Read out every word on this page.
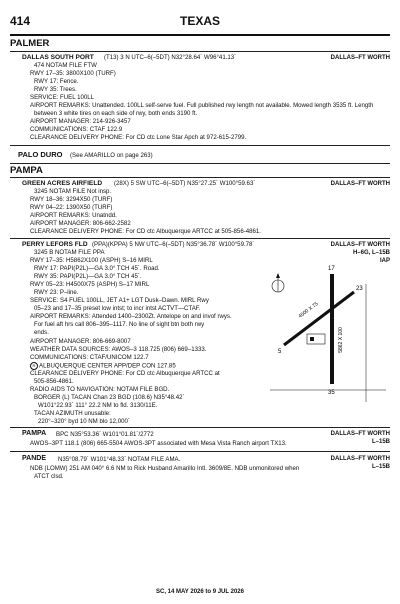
414	TEXAS
PALMER
DALLAS SOUTH PORT (T13) 3 N UTC–6(–5DT) N32°28.64´ W96°41.13´	DALLAS–FT WORTH
474 NOTAM FILE FTW
RWY 17–35: 3800X100 (TURF)
RWY 17: Fence.
RWY 35: Trees.
SERVICE: FUEL 100LL
AIRPORT REMARKS: Unattended. 100LL self-serve fuel. Full published rwy length not available. Mowed length 3535 ft. Length
between 3 white tires on each side of rwy, both ends 3190 ft.
AIRPORT MANAGER: 214-926-3457
COMMUNICATIONS: CTAF 122.9
CLEARANCE DELIVERY PHONE: For CD ctc Lone Star Apch at 972-615-2799.
PALO DURO (See AMARILLO on page 263)
PAMPA
GREEN ACRES AIRFIELD (28X) 5 SW UTC–6(–5DT) N35°27.25´ W100°59.63´	DALLAS–FT WORTH
3245 NOTAM FILE Not insp.
RWY 18–36: 3294X50 (TURF)
RWY 04–22: 1390X50 (TURF)
AIRPORT REMARKS: Unatndd.
AIRPORT MANAGER: 806-662-2582
CLEARANCE DELIVERY PHONE: For CD ctc Albuquerque ARTCC at 505-856-4861.
PERRY LEFORS FLD (PPA)(KPPA) 5 NW UTC–6(–5DT) N35°36.78´ W100°59.78´	DALLAS–FT WORTH
H–6G, L–15B
IAP
3245 B NOTAM FILE PPA
RWY 17–35: H5862X100 (ASPH) S–16 MIRL
RWY 17: PAPI(P2L)—GA 3.0° TCH 45´. Road.
RWY 35: PAPI(P2L)—GA 3.0° TCH 45´.
RWY 05–23: H4500X75 (ASPH) S–17 MIRL
RWY 23: P–line.
SERVICE: S4 FUEL 100LL, JET A1+ LGT Dusk–Dawn. MIRL Rwy
05–23 and 17–35 preset low intst; to incr intst ACTVT—CTAF.
AIRPORT REMARKS: Attended 1400–2300Zt. Antelope on and invof rwys.
For fuel aft hrs call 806–395–1117. No line of sight btn both rwy
ends.
AIRPORT MANAGER: 806-669-8007
WEATHER DATA SOURCES: AWOS–3 118.725 (806) 669–1333.
COMMUNICATIONS: CTAF/UNICOM 122.7
R ALBUQUERQUE CENTER APP/DEP CON 127.85
CLEARANCE DELIVERY PHONE: For CD ctc Albuquerque ARTCC at
505-856-4861.
RADIO AIDS TO NAVIGATION: NOTAM FILE BGD.
BORGER (L) TACAN Chan 23 BGD (108.6) N35°48.42´
W101°22.93´ 111° 22.2 NM to fld. 3130/11E.
TACAN AZIMUTH unusable:
220°–320° byd 10 NM blo 12,000´
5862 X 100
4500 X 75
17
35
5
23
PAMPA BPC N35°53.36´ W101°01.81´/2772	DALLAS–FT WORTH
L–15B
AWOS–3PT 118.1 (806) 665-5504 AWOS-3PT associated with Mesa Vista Ranch airport TX13.
PANDE N35°08.79´ W101°48.33´ NOTAM FILE AMA.	DALLAS–FT WORTH
L–15B
NDB (LOMW) 251 AM 040° 6.6 NM to Rick Husband Amarillo Intl. 3609/8E. NDB unmonitored when
ATCT clsd.
SC, 14 MAY 2026 to 9 JUL 2026
